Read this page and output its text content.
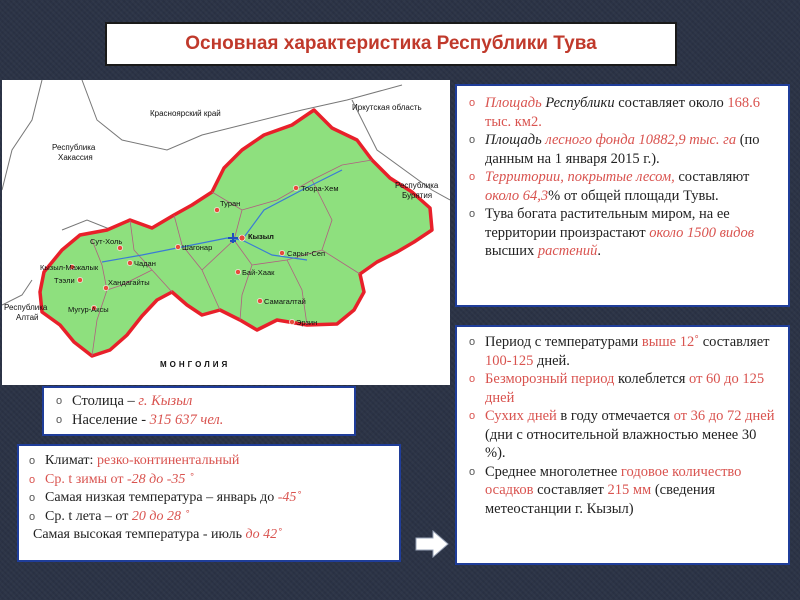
Основная характеристика Республики Тува
Красноярский край
Иркутская область
Республика
Хакассия
Республика
Бурятия
Республика
Алтай
МОНГОЛИЯ
Тоора-Хем
Туран
Кызыл
Шагонар
Сут-Холь
Чадан
Кызыл-Мажалык
Тээли	Хандагайты
Мугур-Аксы
Сарыг-Сеп
Бай-Хаак
Самагалтай
Эрзин
o Площадь Республики составляет около 168.6 тыс. км2.
o Площадь лесного фонда 10882,9 тыс. га (по данным на 1 января 2015 г.).
o Территории, покрытые лесом, составляют около 64,3% от общей площади Тувы.
o Тува богата растительным миром, на ее территории произрастают около 1500 видов высших растений.
o Период с температурами выше 12˚ составляет 100-125 дней.
o Безморозный период колеблется от 60 до 125 дней
o Сухих дней в году отмечается от 36 до 72 дней (дни с относительной влажностью менее 30 %).
o Среднее многолетнее годовое количество осадков составляет 215 мм (сведения метеостанции г. Кызыл)
o Столица – г. Кызыл
o Население - 315 637 чел.
o Климат: резко-континентальный
o Ср. t зимы от -28 до -35 ˚
o Самая низкая температура – январь до -45˚
o Ср. t лета – от 20 до 28 ˚
Самая высокая температура - июль до 42˚
